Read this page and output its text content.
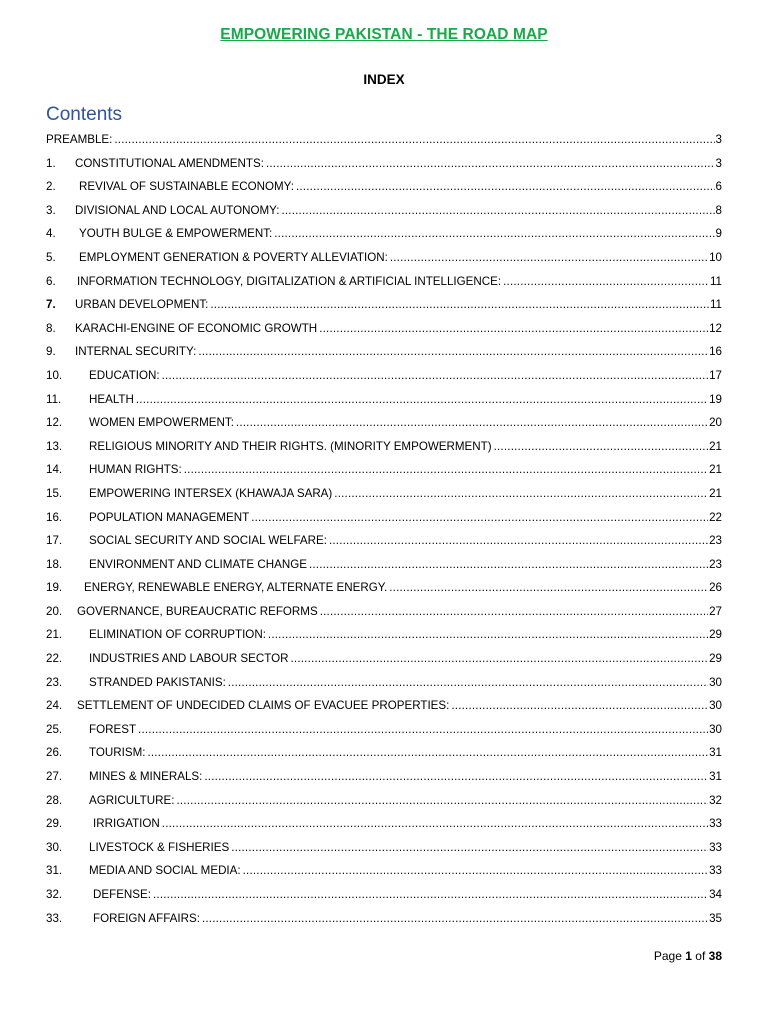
EMPOWERING PAKISTAN - THE ROAD MAP
INDEX
Contents
PREAMBLE: .....	3
1.	CONSTITUTIONAL AMENDMENTS: .....	3
2.	REVIVAL OF SUSTAINABLE ECONOMY: .....	6
3.	DIVISIONAL AND LOCAL AUTONOMY: .....	8
4.	YOUTH BULGE & EMPOWERMENT: .....	9
5.	EMPLOYMENT GENERATION & POVERTY ALLEVIATION: .....	10
6.	INFORMATION TECHNOLOGY, DIGITALIZATION & ARTIFICIAL INTELLIGENCE: .....	11
7.	URBAN DEVELOPMENT: .....	11
8.	KARACHI-ENGINE OF ECONOMIC GROWTH .....	12
9.	INTERNAL SECURITY: .....	16
10.	EDUCATION: .....	17
11.	HEALTH .....	19
12.	WOMEN EMPOWERMENT: .....	20
13.	RELIGIOUS MINORITY AND THEIR RIGHTS. (MINORITY EMPOWERMENT) .....	21
14.	HUMAN RIGHTS: .....	21
15.	EMPOWERING INTERSEX (KHAWAJA SARA) .....	21
16.	POPULATION MANAGEMENT .....	22
17.	SOCIAL SECURITY AND SOCIAL WELFARE: .....	23
18.	ENVIRONMENT AND CLIMATE CHANGE .....	23
19.	ENERGY, RENEWABLE ENERGY, ALTERNATE ENERGY. .....	26
20.	GOVERNANCE, BUREAUCRATIC REFORMS .....	27
21.	ELIMINATION OF CORRUPTION: .....	29
22.	INDUSTRIES AND LABOUR SECTOR .....	29
23.	STRANDED PAKISTANIS: .....	30
24.	SETTLEMENT OF UNDECIDED CLAIMS OF EVACUEE PROPERTIES: .....	30
25.	FOREST .....	30
26.	TOURISM: .....	31
27.	MINES & MINERALS: .....	31
28.	AGRICULTURE: .....	32
29.	IRRIGATION .....	33
30.	LIVESTOCK & FISHERIES .....	33
31.	MEDIA AND SOCIAL MEDIA: .....	33
32.	DEFENSE: .....	34
33.	FOREIGN AFFAIRS: .....	35
Page 1 of 38
